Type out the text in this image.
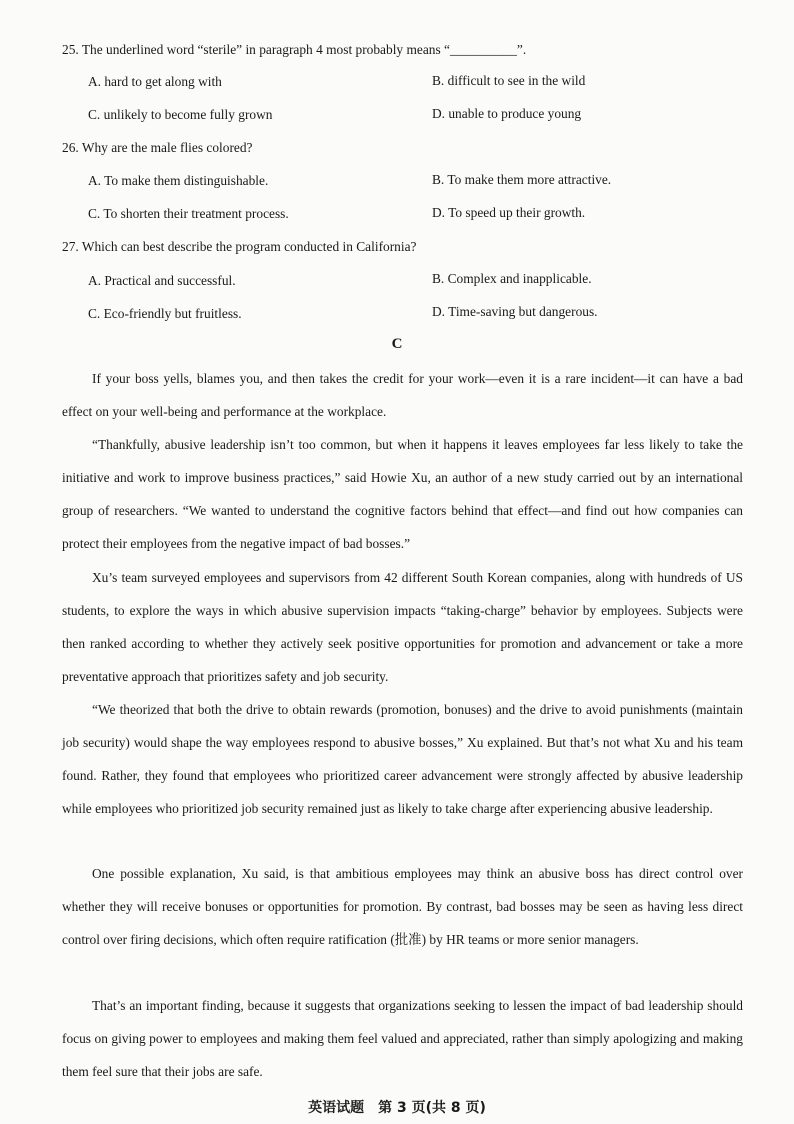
25. The underlined word “sterile” in paragraph 4 most probably means “__________”.
A. hard to get along with	B. difficult to see in the wild
C. unlikely to become fully grown	D. unable to produce young
26. Why are the male flies colored?
A. To make them distinguishable.	B. To make them more attractive.
C. To shorten their treatment process.	D. To speed up their growth.
27. Which can best describe the program conducted in California?
A. Practical and successful.	B. Complex and inapplicable.
C. Eco-friendly but fruitless.	D. Time-saving but dangerous.
C

If your boss yells, blames you, and then takes the credit for your work—even it is a rare incident—it can have a bad effect on your well-being and performance at the workplace.

“Thankfully, abusive leadership isn’t too common, but when it happens it leaves employees far less likely to take the initiative and work to improve business practices,” said Howie Xu, an author of a new study carried out by an international group of researchers. “We wanted to understand the cognitive factors behind that effect—and find out how companies can protect their employees from the negative impact of bad bosses.”

Xu’s team surveyed employees and supervisors from 42 different South Korean companies, along with hundreds of US students, to explore the ways in which abusive supervision impacts “taking-charge” behavior by employees. Subjects were then ranked according to whether they actively seek positive opportunities for promotion and advancement or take a more preventative approach that prioritizes safety and job security.

“We theorized that both the drive to obtain rewards (promotion, bonuses) and the drive to avoid punishments (maintain job security) would shape the way employees respond to abusive bosses,” Xu explained. But that’s not what Xu and his team found. Rather, they found that employees who prioritized career advancement were strongly affected by abusive leadership while employees who prioritized job security remained just as likely to take charge after experiencing abusive leadership.

One possible explanation, Xu said, is that ambitious employees may think an abusive boss has direct control over whether they will receive bonuses or opportunities for promotion. By contrast, bad bosses may be seen as having less direct control over firing decisions, which often require ratification (批准) by HR teams or more senior managers.

That’s an important finding, because it suggests that organizations seeking to lessen the impact of bad leadership should focus on giving power to employees and making them feel valued and appreciated, rather than simply apologizing and making them feel sure that their jobs are safe.

英语试题　第 3 页(共 8 页)
